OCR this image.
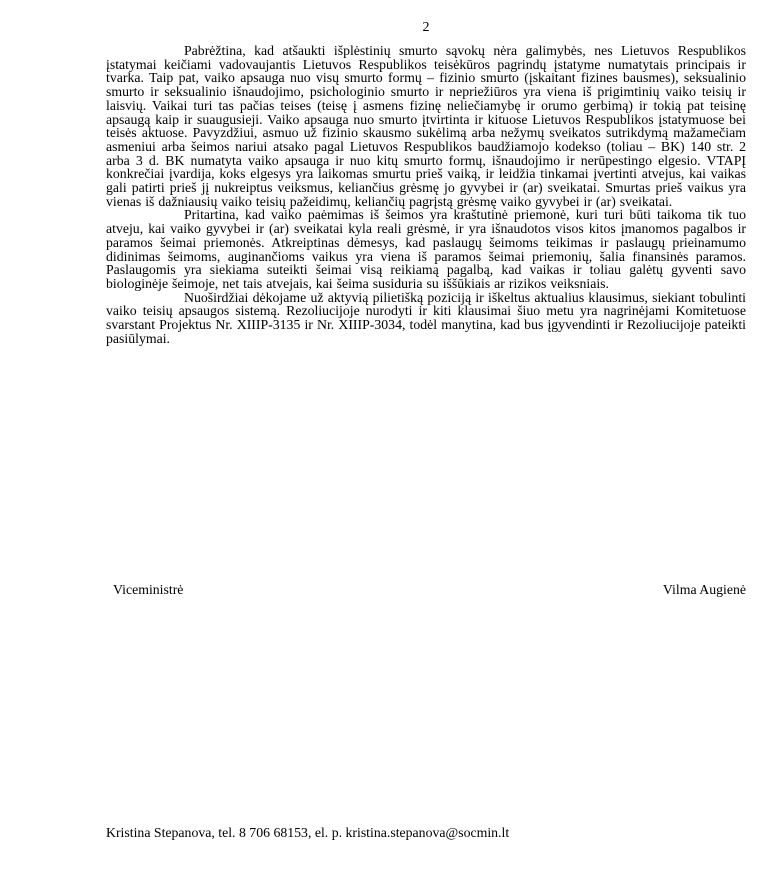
2

Pabrėžtina, kad atšaukti išplėstinių smurto sąvokų nėra galimybės, nes Lietuvos Respublikos įstatymai keičiami vadovaujantis Lietuvos Respublikos teisėkūros pagrindų įstatyme numatytais principais ir tvarka. Taip pat, vaiko apsauga nuo visų smurto formų – fizinio smurto (įskaitant fizines bausmes), seksualinio smurto ir seksualinio išnaudojimo, psichologinio smurto ir nepriežiūros yra viena iš prigimtinių vaiko teisių ir laisvių. Vaikai turi tas pačias teises (teisę į asmens fizinę neliečiamybę ir orumo gerbimą) ir tokią pat teisinę apsaugą kaip ir suaugusieji. Vaiko apsauga nuo smurto įtvirtinta ir kituose Lietuvos Respublikos įstatymuose bei teisės aktuose. Pavyzdžiui, asmuo už fizinio skausmo sukėlimą arba nežymų sveikatos sutrikdymą mažamečiam asmeniui arba šeimos nariui atsako pagal Lietuvos Respublikos baudžiamojo kodekso (toliau – BK) 140 str. 2 arba 3 d. BK numatyta vaiko apsauga ir nuo kitų smurto formų, išnaudojimo ir nerūpestingo elgesio. VTAPĮ konkrečiai įvardija, koks elgesys yra laikomas smurtu prieš vaiką, ir leidžia tinkamai įvertinti atvejus, kai vaikas gali patirti prieš jį nukreiptus veiksmus, keliančius grėsmę jo gyvybei ir (ar) sveikatai. Smurtas prieš vaikus yra vienas iš dažniausių vaiko teisių pažeidimų, keliančių pagrįstą grėsmę vaiko gyvybei ir (ar) sveikatai.

Pritartina, kad vaiko paėmimas iš šeimos yra kraštutinė priemonė, kuri turi būti taikoma tik tuo atveju, kai vaiko gyvybei ir (ar) sveikatai kyla reali grėsmė, ir yra išnaudotos visos kitos įmanomos pagalbos ir paramos šeimai priemonės. Atkreiptinas dėmesys, kad paslaugų šeimoms teikimas ir paslaugų prieinamumo didinimas šeimoms, auginančioms vaikus yra viena iš paramos šeimai priemonių, šalia finansinės paramos. Paslaugomis yra siekiama suteikti šeimai visą reikiamą pagalbą, kad vaikas ir toliau galėtų gyventi savo biologinėje šeimoje, net tais atvejais, kai šeima susiduria su iššūkiais ar rizikos veiksniais.

Nuoširdžiai dėkojame už aktyvią pilietišką poziciją ir iškeltus aktualius klausimus, siekiant tobulinti vaiko teisių apsaugos sistemą. Rezoliucijoje nurodyti ir kiti klausimai šiuo metu yra nagrinėjami Komitetuose svarstant Projektus Nr. XIIIP-3135 ir Nr. XIIIP-3034, todėl manytina, kad bus įgyvendinti ir Rezoliucijoje pateikti pasiūlymai.

Viceministrė	Vilma Augienė
Kristina Stepanova, tel. 8 706 68153, el. p. kristina.stepanova@socmin.lt
